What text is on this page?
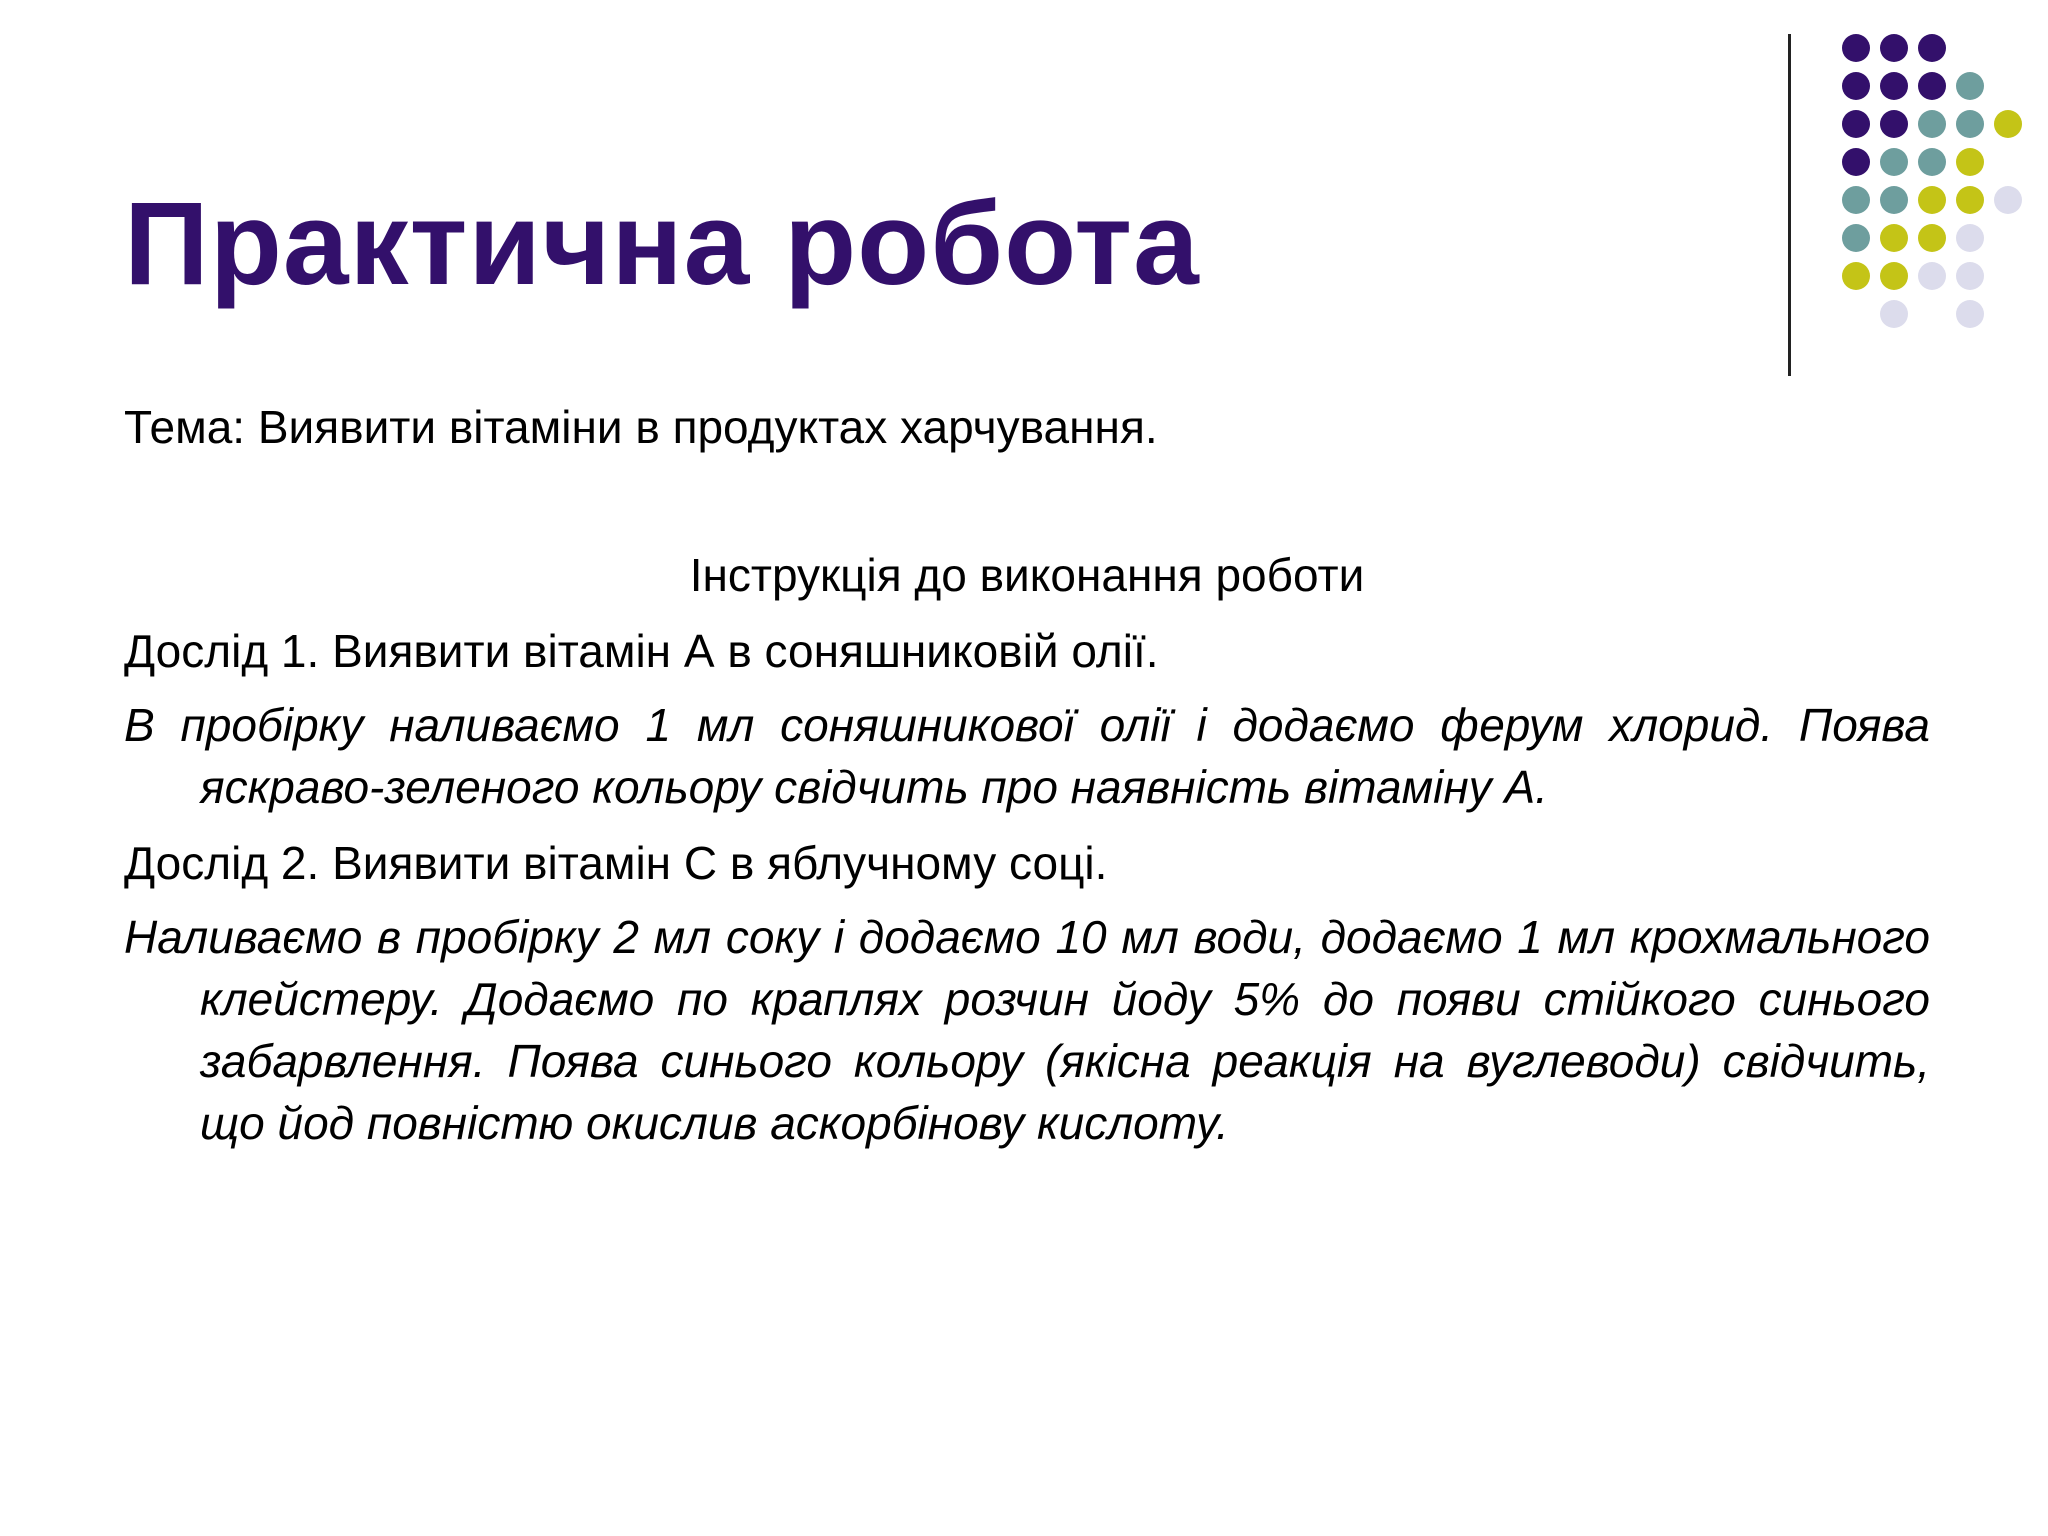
Практична робота

Тема: Виявити вітаміни в продуктах харчування.

Інструкція до виконання роботи

Дослід 1. Виявити вітамін А в соняшниковій олії.

В пробірку наливаємо 1 мл соняшникової олії і додаємо ферум хлорид. Поява яскраво-зеленого кольору свідчить про наявність вітаміну А.

Дослід 2. Виявити вітамін С в яблучному соці.

Наливаємо в пробірку 2 мл соку і додаємо 10 мл води, додаємо 1 мл крохмального клейстеру. Додаємо по краплях розчин йоду 5% до появи стійкого синього забарвлення. Поява синього кольору (якісна реакція на вуглеводи) свідчить, що йод повністю окислив аскорбінову кислоту.
